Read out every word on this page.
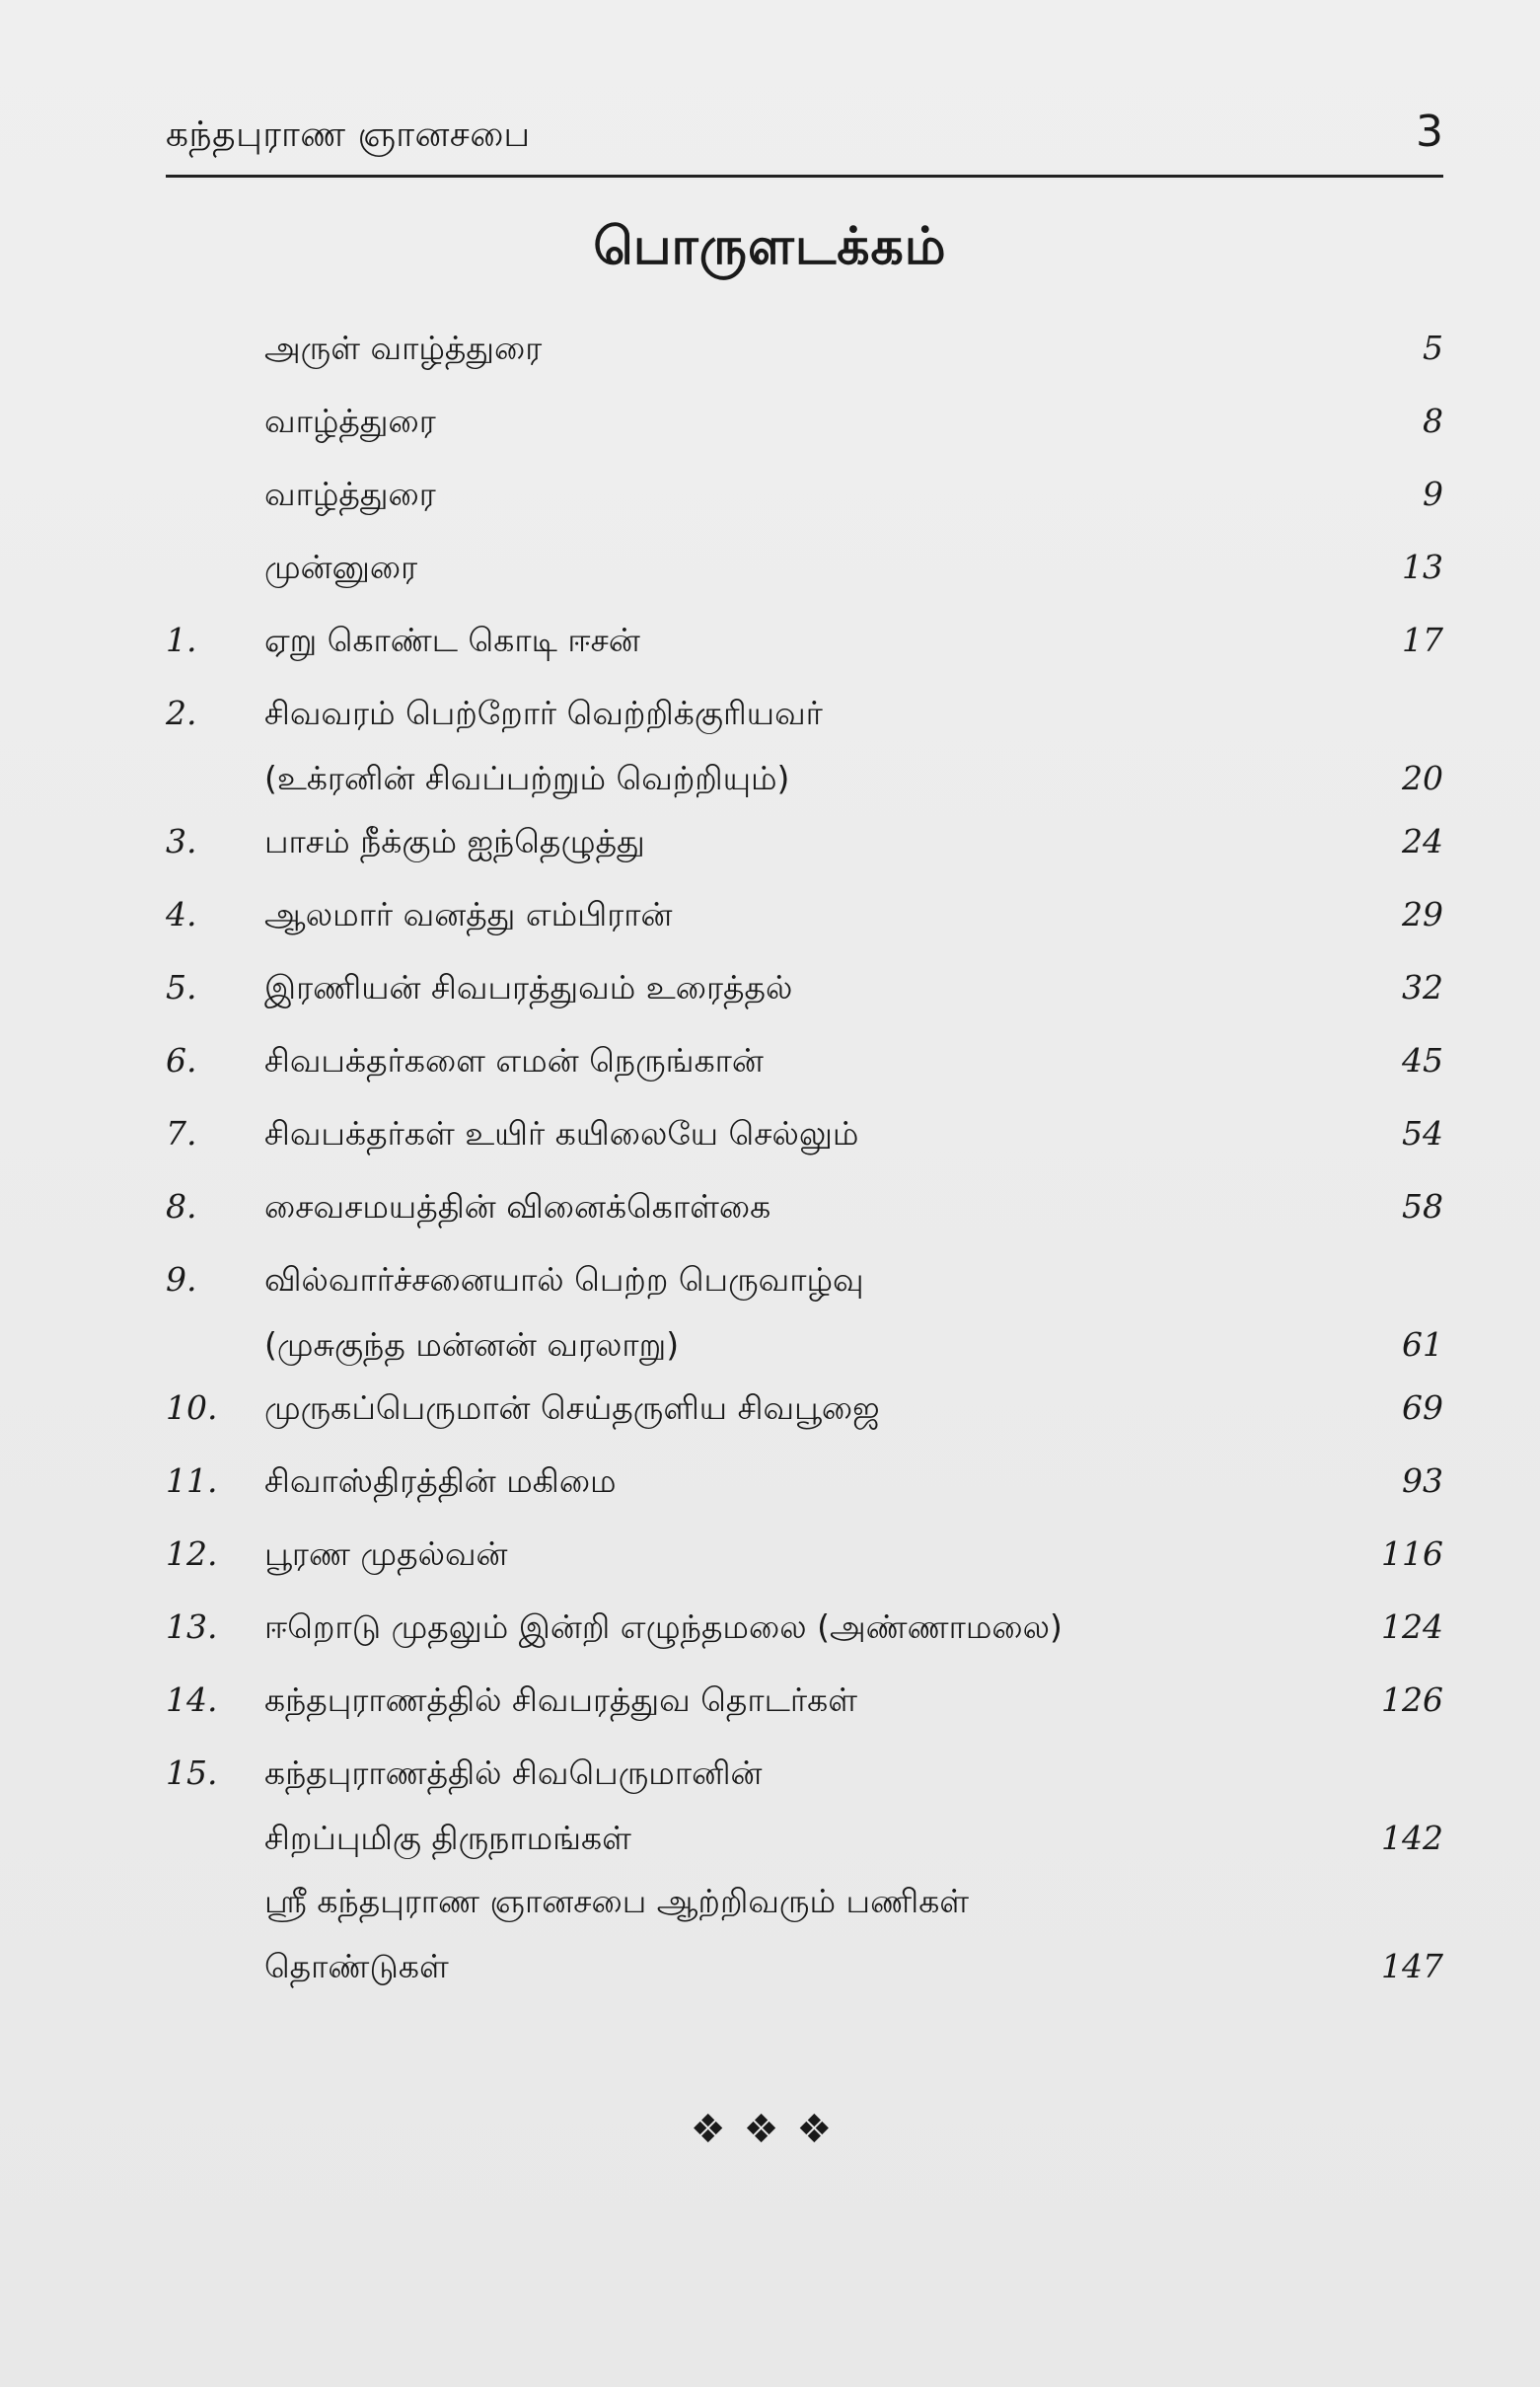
கந்தபுராண ஞானசபை	3
பொருளடக்கம்
அருள் வாழ்த்துரை	5
வாழ்த்துரை	8
வாழ்த்துரை	9
முன்னுரை	13
1. ஏறு கொண்ட கொடி ஈசன்	17
2. சிவவரம் பெற்றோர் வெற்றிக்குரியவர்
(உக்ரனின் சிவப்பற்றும் வெற்றியும்)	20
3. பாசம் நீக்கும் ஐந்தெழுத்து	24
4. ஆலமார் வனத்து எம்பிரான்	29
5. இரணியன் சிவபரத்துவம் உரைத்தல்	32
6. சிவபக்தர்களை எமன் நெருங்கான்	45
7. சிவபக்தர்கள் உயிர் கயிலையே செல்லும்	54
8. சைவசமயத்தின் வினைக்கொள்கை	58
9. வில்வார்ச்சனையால் பெற்ற பெருவாழ்வு
(முசுகுந்த மன்னன் வரலாறு)	61
10. முருகப்பெருமான் செய்தருளிய சிவபூஜை	69
11. சிவாஸ்திரத்தின் மகிமை	93
12. பூரண முதல்வன்	116
13. ஈறொடு முதலும் இன்றி எழுந்தமலை (அண்ணாமலை)	124
14. கந்தபுராணத்தில் சிவபரத்துவ தொடர்கள்	126
15. கந்தபுராணத்தில் சிவபெருமானின்
சிறப்புமிகு திருநாமங்கள்	142
ஸ்ரீ கந்தபுராண ஞானசபை ஆற்றிவரும் பணிகள்
தொண்டுகள்	147
❖❖❖
